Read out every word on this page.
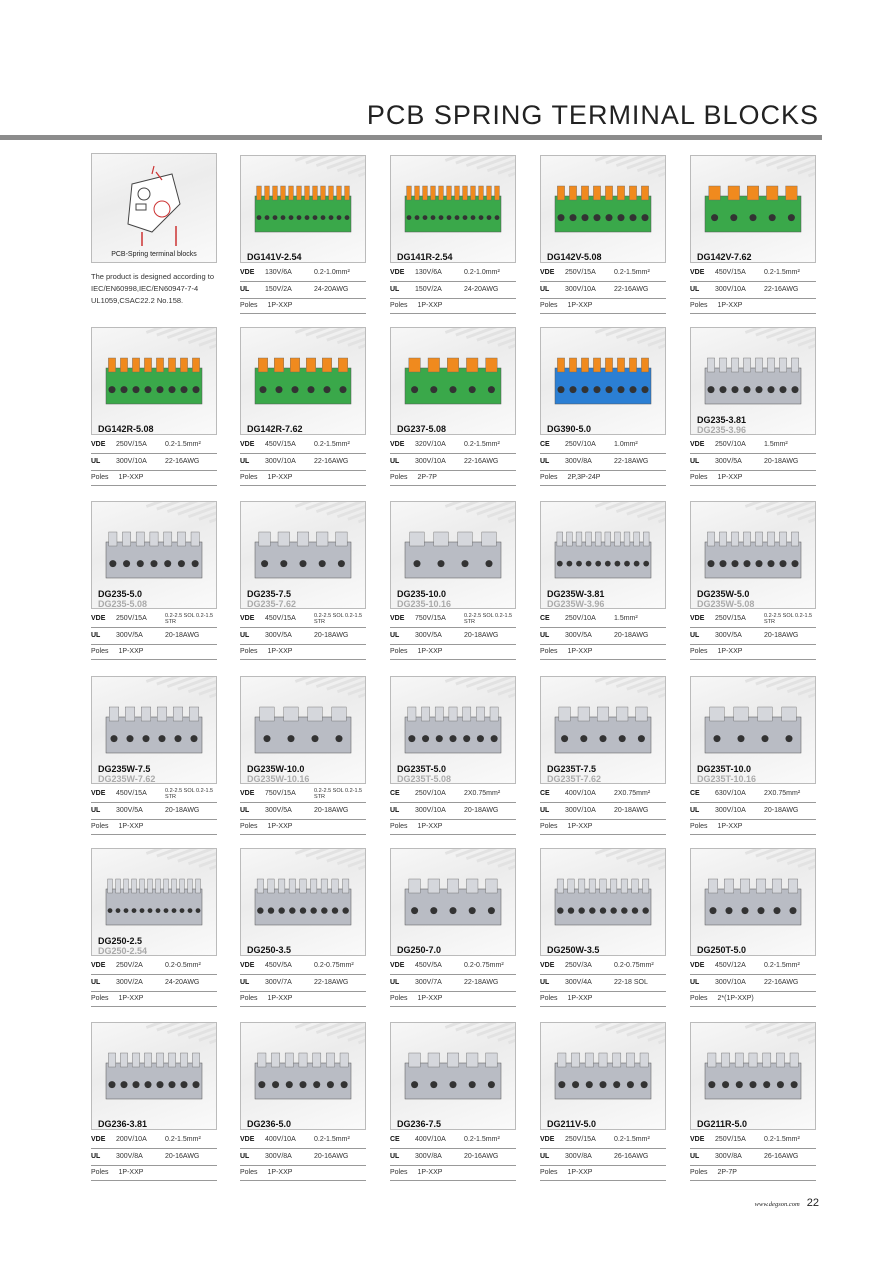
PCB SPRING TERMINAL BLOCKS
PCB-Spring terminal blocks
The product is designed according to IEC/EN60998,IEC/EN60947-7-4 UL1059,CSAC22.2 No.158.
DG141V-2.54
VDE	130V/6A	0.2-1.0mm²
UL	150V/2A	24-20AWG
Poles 1P-XXP
DG141R-2.54
VDE	130V/6A	0.2-1.0mm²
UL	150V/2A	24-20AWG
Poles 1P-XXP
DG142V-5.08
VDE	250V/15A	0.2-1.5mm²
UL	300V/10A	22-16AWG
Poles 1P-XXP
DG142V-7.62
VDE	450V/15A	0.2-1.5mm²
UL	300V/10A	22-16AWG
Poles 1P-XXP
DG142R-5.08
VDE	250V/15A	0.2-1.5mm²
UL	300V/10A	22-16AWG
Poles 1P-XXP
DG142R-7.62
VDE	450V/15A	0.2-1.5mm²
UL	300V/10A	22-16AWG
Poles 1P-XXP
DG237-5.08
VDE	320V/10A	0.2-1.5mm²
UL	300V/10A	22-16AWG
Poles 2P-7P
DG390-5.0
CE	250V/10A	1.0mm²
UL	300V/8A	22-18AWG
Poles 2P,3P-24P
DG235-3.81
DG235-3.96
VDE	250V/10A	1.5mm²
UL	300V/5A	20-18AWG
Poles 1P-XXP
DG235-5.0
DG235-5.08
VDE	250V/15A	0.2-2.5 SOL 0.2-1.5 STR
UL	300V/5A	20-18AWG
Poles 1P-XXP
DG235-7.5
DG235-7.62
VDE	450V/15A	0.2-2.5 SOL 0.2-1.5 STR
UL	300V/5A	20-18AWG
Poles 1P-XXP
DG235-10.0
DG235-10.16
VDE	750V/15A	0.2-2.5 SOL 0.2-1.5 STR
UL	300V/5A	20-18AWG
Poles 1P-XXP
DG235W-3.81
DG235W-3.96
CE	250V/10A	1.5mm²
UL	300V/5A	20-18AWG
Poles 1P-XXP
DG235W-5.0
DG235W-5.08
VDE	250V/15A	0.2-2.5 SOL 0.2-1.5 STR
UL	300V/5A	20-18AWG
Poles 1P-XXP
DG235W-7.5
DG235W-7.62
VDE	450V/15A	0.2-2.5 SOL 0.2-1.5 STR
UL	300V/5A	20-18AWG
Poles 1P-XXP
DG235W-10.0
DG235W-10.16
VDE	750V/15A	0.2-2.5 SOL 0.2-1.5 STR
UL	300V/5A	20-18AWG
Poles 1P-XXP
DG235T-5.0
DG235T-5.08
CE	250V/10A	2X0.75mm²
UL	300V/10A	20-18AWG
Poles 1P-XXP
DG235T-7.5
DG235T-7.62
CE	400V/10A	2X0.75mm²
UL	300V/10A	20-18AWG
Poles 1P-XXP
DG235T-10.0
DG235T-10.16
CE	630V/10A	2X0.75mm²
UL	300V/10A	20-18AWG
Poles 1P-XXP
DG250-2.5
DG250-2.54
VDE	250V/2A	0.2-0.5mm²
UL	300V/2A	24-20AWG
Poles 1P-XXP
DG250-3.5
VDE	450V/5A	0.2-0.75mm²
UL	300V/7A	22-18AWG
Poles 1P-XXP
DG250-7.0
VDE	450V/5A	0.2-0.75mm²
UL	300V/7A	22-18AWG
Poles 1P-XXP
DG250W-3.5
VDE	250V/3A	0.2-0.75mm²
UL	300V/4A	22-18 SOL
Poles 1P-XXP
DG250T-5.0
VDE	450V/12A	0.2-1.5mm²
UL	300V/10A	22-16AWG
Poles 2*(1P-XXP)
DG236-3.81
VDE	200V/10A	0.2-1.5mm²
UL	300V/8A	20-16AWG
Poles 1P-XXP
DG236-5.0
VDE	400V/10A	0.2-1.5mm²
UL	300V/8A	20-16AWG
Poles 1P-XXP
DG236-7.5
CE	400V/10A	0.2-1.5mm²
UL	300V/8A	20-16AWG
Poles 1P-XXP
DG211V-5.0
VDE	250V/15A	0.2-1.5mm²
UL	300V/8A	26-16AWG
Poles 1P-XXP
DG211R-5.0
VDE	250V/15A	0.2-1.5mm²
UL	300V/8A	26-16AWG
Poles 2P-7P
www.degson.com 22
